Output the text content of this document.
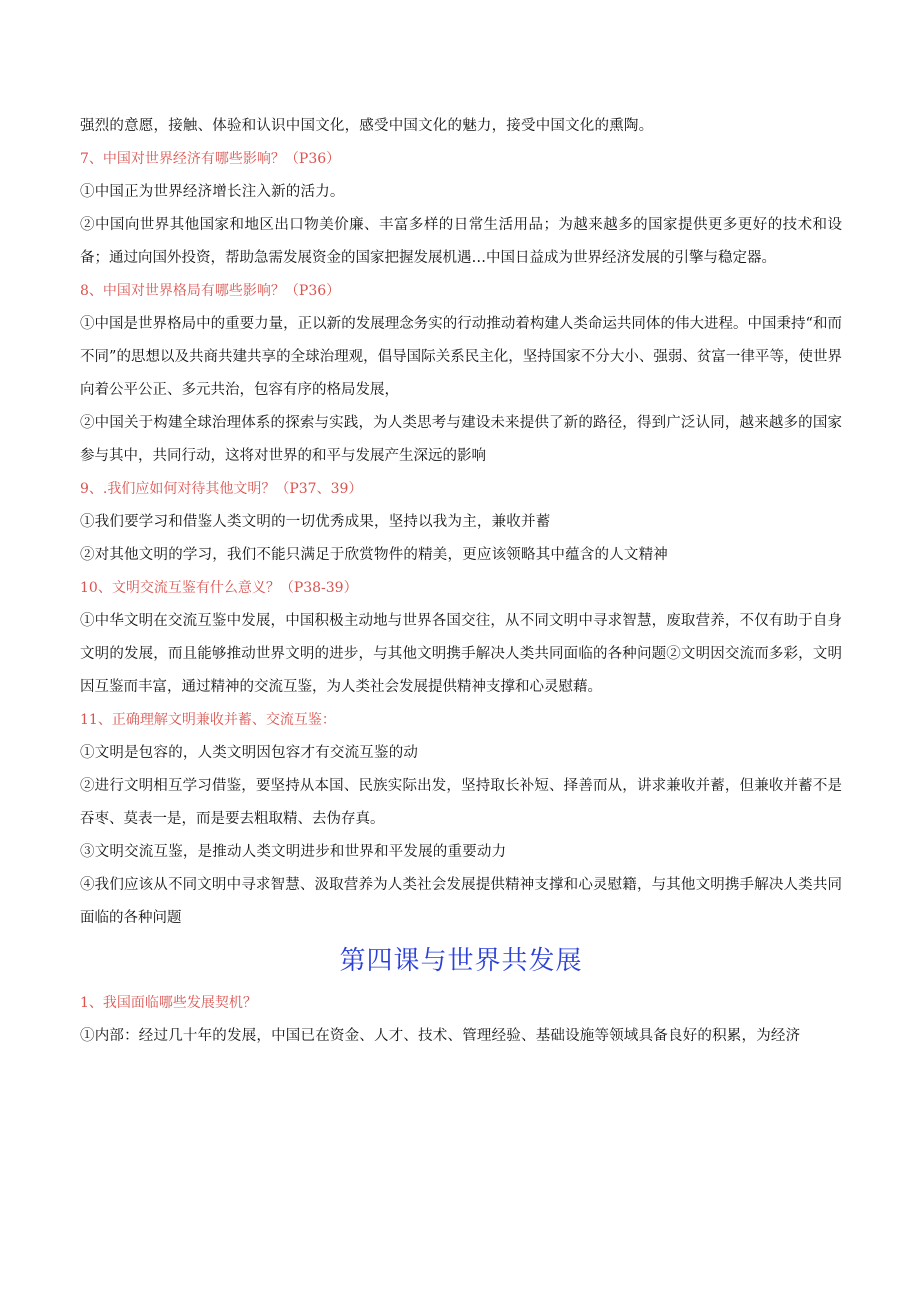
强烈的意愿，接触、体验和认识中国文化，感受中国文化的魅力，接受中国文化的熏陶。
7、中国对世界经济有哪些影响？（P36）
①中国正为世界经济增长注入新的活力。
②中国向世界其他国家和地区出口物美价廉、丰富多样的日常生活用品；为越来越多的国家提供更多更好的技术和设备；通过向国外投资，帮助急需发展资金的国家把握发展机遇…中国日益成为世界经济发展的引擎与稳定器。
8、中国对世界格局有哪些影响？（P36）
①中国是世界格局中的重要力量，正以新的发展理念务实的行动推动着构建人类命运共同体的伟大进程。中国秉持“和而不同”的思想以及共商共建共享的全球治理观，倡导国际关系民主化，坚持国家不分大小、强弱、贫富一律平等，使世界向着公平公正、多元共治，包容有序的格局发展，
②中国关于构建全球治理体系的探索与实践，为人类思考与建设未来提供了新的路径，得到广泛认同，越来越多的国家参与其中，共同行动，这将对世界的和平与发展产生深远的影响
9、.我们应如何对待其他文明？（P37、39）
①我们要学习和借鉴人类文明的一切优秀成果，坚持以我为主，兼收并蓄
②对其他文明的学习，我们不能只满足于欣赏物件的精美，更应该领略其中蕴含的人文精神
10、文明交流互鉴有什么意义？（P38-39）
①中华文明在交流互鉴中发展，中国积极主动地与世界各国交往，从不同文明中寻求智慧，废取营养，不仅有助于自身文明的发展，而且能够推动世界文明的进步，与其他文明携手解决人类共同面临的各种问题②文明因交流而多彩，文明因互鉴而丰富，通过精神的交流互鉴，为人类社会发展提供精神支撑和心灵慰藉。
11、正确理解文明兼收并蓄、交流互鉴：
①文明是包容的，人类文明因包容才有交流互鉴的动
②进行文明相互学习借鉴，要坚持从本国、民族实际出发，坚持取长补短、择善而从，讲求兼收并蓄，但兼收并蓄不是吞枣、莫表一是，而是要去粗取精、去伪存真。
③文明交流互鉴，是推动人类文明进步和世界和平发展的重要动力
④我们应该从不同文明中寻求智慧、汲取营养为人类社会发展提供精神支撑和心灵慰籍，与其他文明携手解决人类共同面临的各种问题
第四课与世界共发展
1、我国面临哪些发展契机？
①内部：经过几十年的发展，中国已在资金、人才、技术、管理经验、基础设施等领域具备良好的积累，为经济
